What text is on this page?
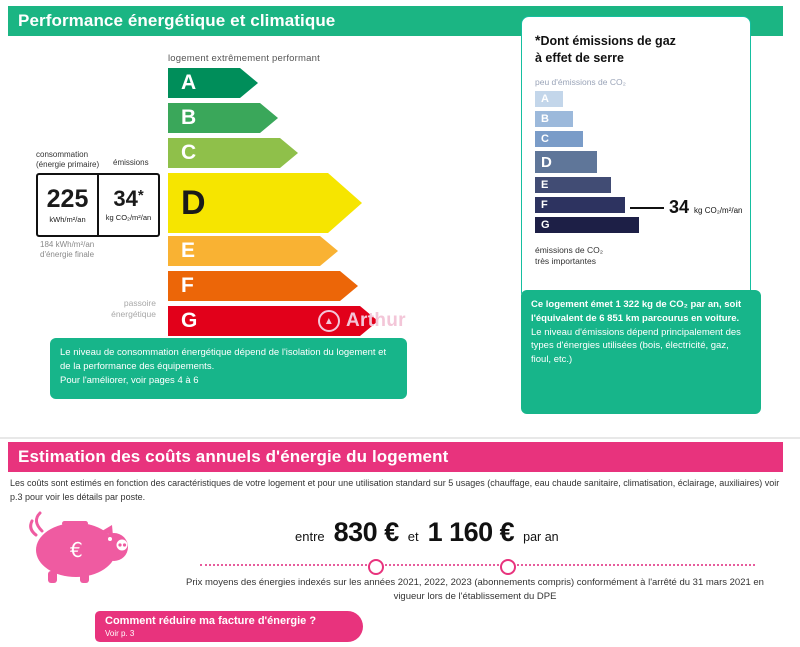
Performance énergétique et climatique
logement extrêmement performant
A
B
C
D
E
F
G
consommation
(énergie primaire)	émissions
225
kWh/m²/an
34*
kg CO₂/m²/an
184 kWh/m²/an
d'énergie finale
passoire
énergétique
▲ Arthur
*Dont émissions de gaz
à effet de serre
peu d'émissions de CO₂
A
B
C
D
E
F
G
34 kg CO₂/m²/an
émissions de CO₂
très importantes
Le niveau de consommation énergétique dépend de l'isolation du logement et de la performance des équipements.
Pour l'améliorer, voir pages 4 à 6
Ce logement émet 1 322 kg de CO₂ par an, soit l'équivalent de 6 851 km parcourus en voiture.
Le niveau d'émissions dépend principalement des types d'énergies utilisées (bois, électricité, gaz, fioul, etc.)
Estimation des coûts annuels d'énergie du logement
Les coûts sont estimés en fonction des caractéristiques de votre logement et pour une utilisation standard sur 5 usages (chauffage, eau chaude sanitaire, climatisation, éclairage, auxiliaires) voir p.3 pour voir les détails par poste.
€
entre 830 € et 1 160 € par an
Prix moyens des énergies indexés sur les années 2021, 2022, 2023 (abonnements compris) conformément à l'arrêté du 31 mars 2021 en vigueur lors de l'établissement du DPE
Comment réduire ma facture d'énergie ?
Voir p. 3
